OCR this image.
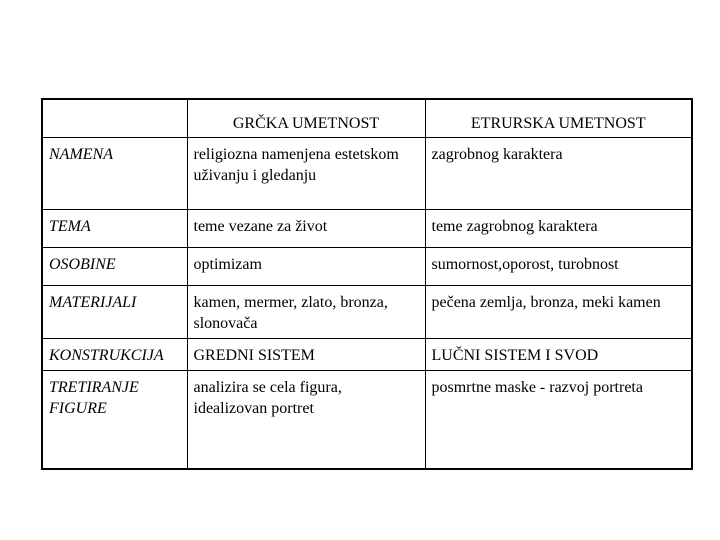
	GRČKA UMETNOST	ETRURSKA UMETNOST
NAMENA	religiozna namenjena estetskom uživanju i gledanju	zagrobnog karaktera
TEMA	teme vezane za život	teme zagrobnog karaktera
OSOBINE	optimizam	sumornost,oporost, turobnost
MATERIJALI	kamen, mermer, zlato, bronza, slonovača	pečena zemlja, bronza, meki kamen
KONSTRUKCIJA	GREDNI SISTEM	LUČNI SISTEM I SVOD
TRETIRANJE FIGURE	analizira se cela figura, idealizovan portret	posmrtne maske - razvoj portreta
